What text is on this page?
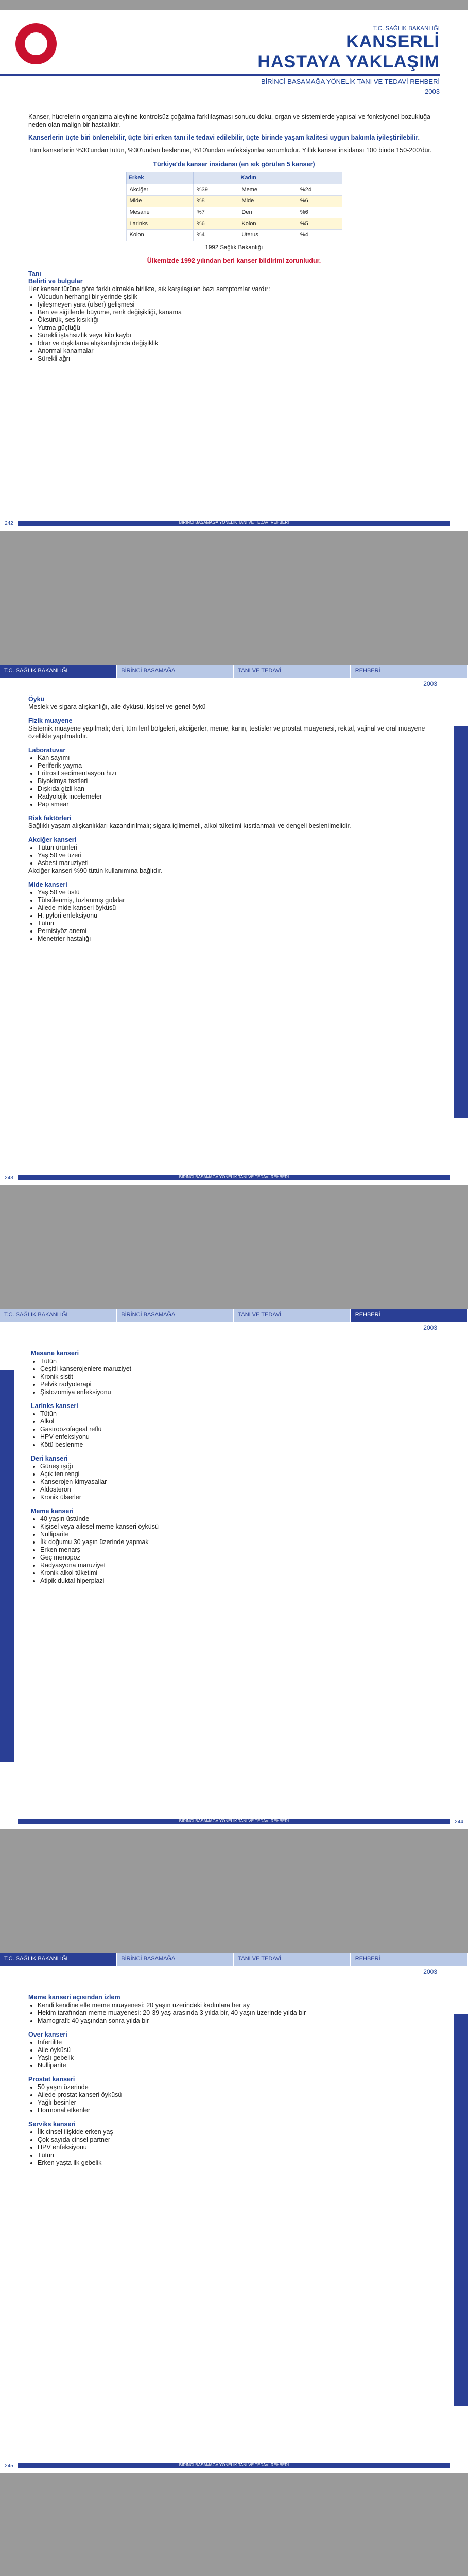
T.C. SAĞLIK BAKANLIĞI
KANSERLİ
HASTAYA YAKLAŞIM
BİRİNCİ BASAMAĞA YÖNELİK TANI VE TEDAVİ REHBERİ
2003

Kanser, hücrelerin organizma aleyhine kontrolsüz çoğalma farklılaşması sonucu doku, organ ve sistemlerde yapısal ve fonksiyonel bozukluğa neden olan malign bir hastalıktır.

Kanserlerin üçte biri önlenebilir, üçte biri erken tanı ile tedavi edilebilir, üçte birinde yaşam kalitesi uygun bakımla iyileştirilebilir.

Tüm kanserlerin %30'undan tütün, %30'undan beslenme, %10'undan enfeksiyonlar sorumludur. Yıllık kanser insidansı 100 binde 150-200'dür.

Türkiye'de kanser insidansı (en sık görülen 5 kanser)

Erkek		Kadın	
Akciğer	%39	Meme	%24
Mide	%8	Mide	%6
Mesane	%7	Deri	%6
Larinks	%6	Kolon	%5
Kolon	%4	Uterus	%4

1992 Sağlık Bakanlığı

Ülkemizde 1992 yılından beri kanser bildirimi zorunludur.

Tanı

Belirti ve bulgular

Her kanser türüne göre farklı olmakla birlikte, sık karşılaşılan bazı semptomlar vardır:

• Vücudun herhangi bir yerinde şişlik
• İyileşmeyen yara (ülser) gelişmesi
• Ben ve siğillerde büyüme, renk değişikliği, kanama
• Öksürük, ses kısıklığı
• Yutma güçlüğü
• Sürekli iştahsızlık veya kilo kaybı
• İdrar ve dışkılama alışkanlığında değişiklik
• Anormal kanamalar
• Sürekli ağrı
242	BİRİNCİ BASAMAĞA YÖNELİK TANI VE TEDAVİ REHBERİ
T.C. SAĞLIK BAKANLIĞI	BİRİNCİ BASAMAĞA	TANI VE TEDAVİ	REHBERİ
2003

Öykü

Meslek ve sigara alışkanlığı, aile öyküsü, kişisel ve genel öykü

Fizik muayene

Sistemik muayene yapılmalı; deri, tüm lenf bölgeleri, akciğerler, meme, karın, testisler ve prostat muayenesi, rektal, vajinal ve oral muayene özellikle yapılmalıdır.

Laboratuvar

• Kan sayımı
• Periferik yayma
• Eritrosit sedimentasyon hızı
• Biyokimya testleri
• Dışkıda gizli kan
• Radyolojik incelemeler
• Pap smear

Risk faktörleri

Sağlıklı yaşam alışkanlıkları kazandırılmalı; sigara içilmemeli, alkol tüketimi kısıtlanmalı ve dengeli beslenilmelidir.

Akciğer kanseri

• Tütün ürünleri
• Yaş 50 ve üzeri
• Asbest maruziyeti

Akciğer kanseri %90 tütün kullanımına bağlıdır.

Mide kanseri

• Yaş 50 ve üstü
• Tütsülenmiş, tuzlanmış gıdalar
• Ailede mide kanseri öyküsü
• H. pylori enfeksiyonu
• Tütün
• Pernisiyöz anemi
• Menetrier hastalığı
243	BİRİNCİ BASAMAĞA YÖNELİK TANI VE TEDAVİ REHBERİ
T.C. SAĞLIK BAKANLIĞI	BİRİNCİ BASAMAĞA	TANI VE TEDAVİ	REHBERİ
2003

Mesane kanseri

• Tütün
• Çeşitli kanserojenlere maruziyet
• Kronik sistit
• Pelvik radyoterapi
• Şistozomiya enfeksiyonu

Larinks kanseri

• Tütün
• Alkol
• Gastroözofageal reflü
• HPV enfeksiyonu
• Kötü beslenme

Deri kanseri

• Güneş ışığı
• Açık ten rengi
• Kanserojen kimyasallar
• Aldosteron
• Kronik ülserler

Meme kanseri

• 40 yaşın üstünde
• Kişisel veya ailesel meme kanseri öyküsü
• Nulliparite
• İlk doğumu 30 yaşın üzerinde yapmak
• Erken menarş
• Geç menopoz
• Radyasyona maruziyet
• Kronik alkol tüketimi
• Atipik duktal hiperplazi
BİRİNCİ BASAMAĞA YÖNELİK TANI VE TEDAVİ REHBERİ	244
T.C. SAĞLIK BAKANLIĞI	BİRİNCİ BASAMAĞA	TANI VE TEDAVİ	REHBERİ
2003

Meme kanseri açısından izlem

• Kendi kendine elle meme muayenesi: 20 yaşın üzerindeki kadınlara her ay
• Hekim tarafından meme muayenesi: 20-39 yaş arasında 3 yılda bir, 40 yaşın üzerinde yılda bir
• Mamografi: 40 yaşından sonra yılda bir

Over kanseri

• İnfertilite
• Aile öyküsü
• Yaşlı gebelik
• Nulliparite

Prostat kanseri

• 50 yaşın üzerinde
• Ailede prostat kanseri öyküsü
• Yağlı besinler
• Hormonal etkenler

Serviks kanseri

• İlk cinsel ilişkide erken yaş
• Çok sayıda cinsel partner
• HPV enfeksiyonu
• Tütün
• Erken yaşta ilk gebelik
245	BİRİNCİ BASAMAĞA YÖNELİK TANI VE TEDAVİ REHBERİ
